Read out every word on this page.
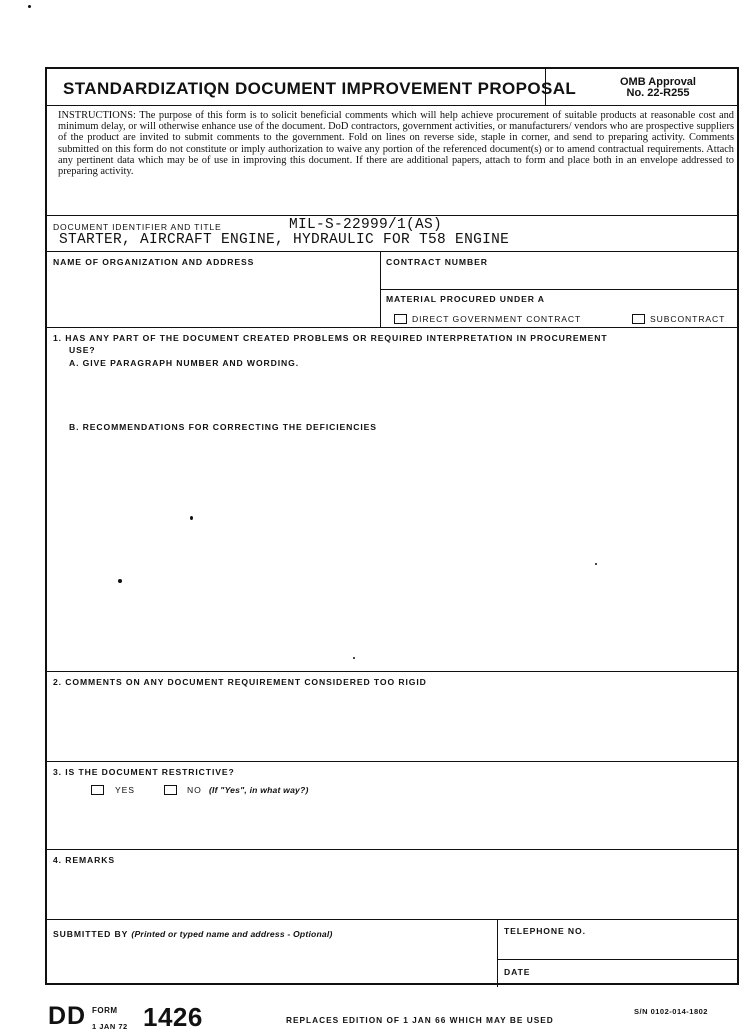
STANDARDIZATIQN DOCUMENT IMPROVEMENT PROPOSAL	OMB Approval
No. 22-R255
INSTRUCTIONS: The purpose of this form is to solicit beneficial comments which will help achieve procurement of suitable products at reasonable cost and minimum delay, or will otherwise enhance use of the document. DoD contractors, government activities, or manufacturers/ vendors who are prospective suppliers of the product are invited to submit comments to the government. Fold on lines on reverse side, staple in corner, and send to preparing activity. Comments submitted on this form do not constitute or imply authorization to waive any portion of the referenced document(s) or to amend contractual requirements. Attach any pertinent data which may be of use in improving this document. If there are additional papers, attach to form and place both in an envelope addressed to preparing activity.
DOCUMENT IDENTIFIER AND TITLE	MIL-S-22999/1(AS)
STARTER, AIRCRAFT ENGINE, HYDRAULIC FOR T58 ENGINE
NAME OF ORGANIZATION AND ADDRESS	CONTRACT NUMBER
MATERIAL PROCURED UNDER A
DIRECT GOVERNMENT CONTRACT	SUBCONTRACT
1. HAS ANY PART OF THE DOCUMENT CREATED PROBLEMS OR REQUIRED INTERPRETATION IN PROCUREMENT
USE?
A. GIVE PARAGRAPH NUMBER AND WORDING.
B. RECOMMENDATIONS FOR CORRECTING THE DEFICIENCIES
2. COMMENTS ON ANY DOCUMENT REQUIREMENT CONSIDERED TOO RIGID
3. IS THE DOCUMENT RESTRICTIVE?
YES	NO (If "Yes", in what way?)
4. REMARKS
SUBMITTED BY (Printed or typed name and address - Optional)	TELEPHONE NO.
DATE
DD FORM
1 JAN 72 1426	REPLACES EDITION OF 1 JAN 66 WHICH MAY BE USED
S/N 0102-014-1802
